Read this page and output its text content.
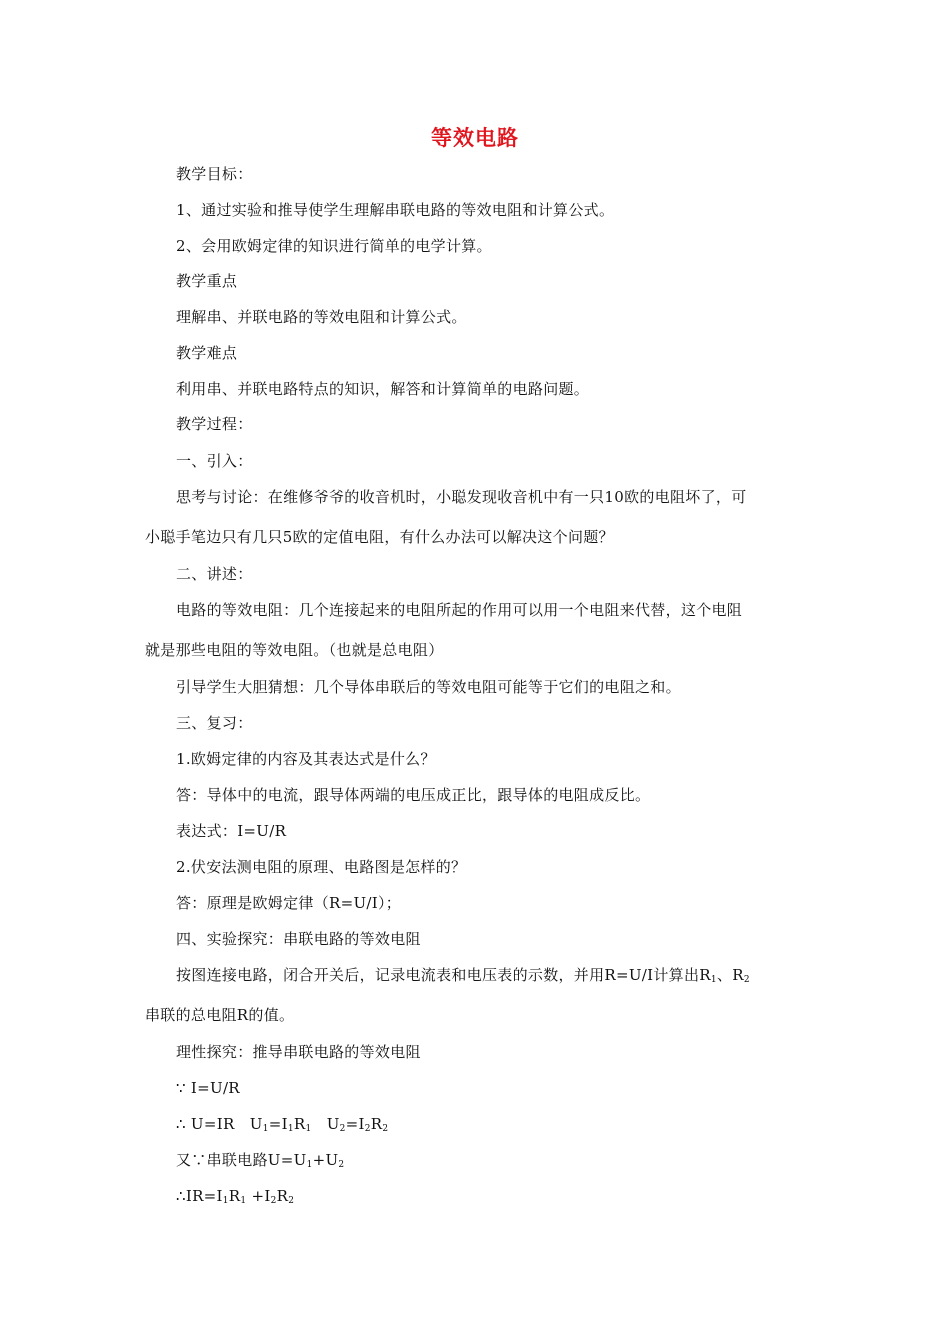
等效电路
教学目标：
1、通过实验和推导使学生理解串联电路的等效电阻和计算公式。
2、会用欧姆定律的知识进行简单的电学计算。
教学重点
理解串、并联电路的等效电阻和计算公式。
教学难点
利用串、并联电路特点的知识，解答和计算简单的电路问题。
教学过程：
一、引入：
思考与讨论：在维修爷爷的收音机时，小聪发现收音机中有一只10欧的电阻坏了，可
小聪手笔边只有几只5欧的定值电阻，有什么办法可以解决这个问题？
二、讲述：
电路的等效电阻：几个连接起来的电阻所起的作用可以用一个电阻来代替，这个电阻
就是那些电阻的等效电阻。（也就是总电阻）
引导学生大胆猜想：几个导体串联后的等效电阻可能等于它们的电阻之和。
三、复习：
1.欧姆定律的内容及其表达式是什么？
答：导体中的电流，跟导体两端的电压成正比，跟导体的电阻成反比。
表达式：I=U/R
2.伏安法测电阻的原理、电路图是怎样的？
答：原理是欧姆定律（R=U/I）；
四、实验探究：串联电路的等效电阻
按图连接电路，闭合开关后，记录电流表和电压表的示数，并用R=U/I计算出$R_1$、$R_2$
串联的总电阻R的值。
理性探究：推导串联电路的等效电阻
∵ I=U/R
∴ U=IR   $U_1=I_1R_1$   $U_2=I_2R_2$
又∵串联电路$U=U_1+U_2$
$\therefore IR=I_1R_1 +I_2R_2$
